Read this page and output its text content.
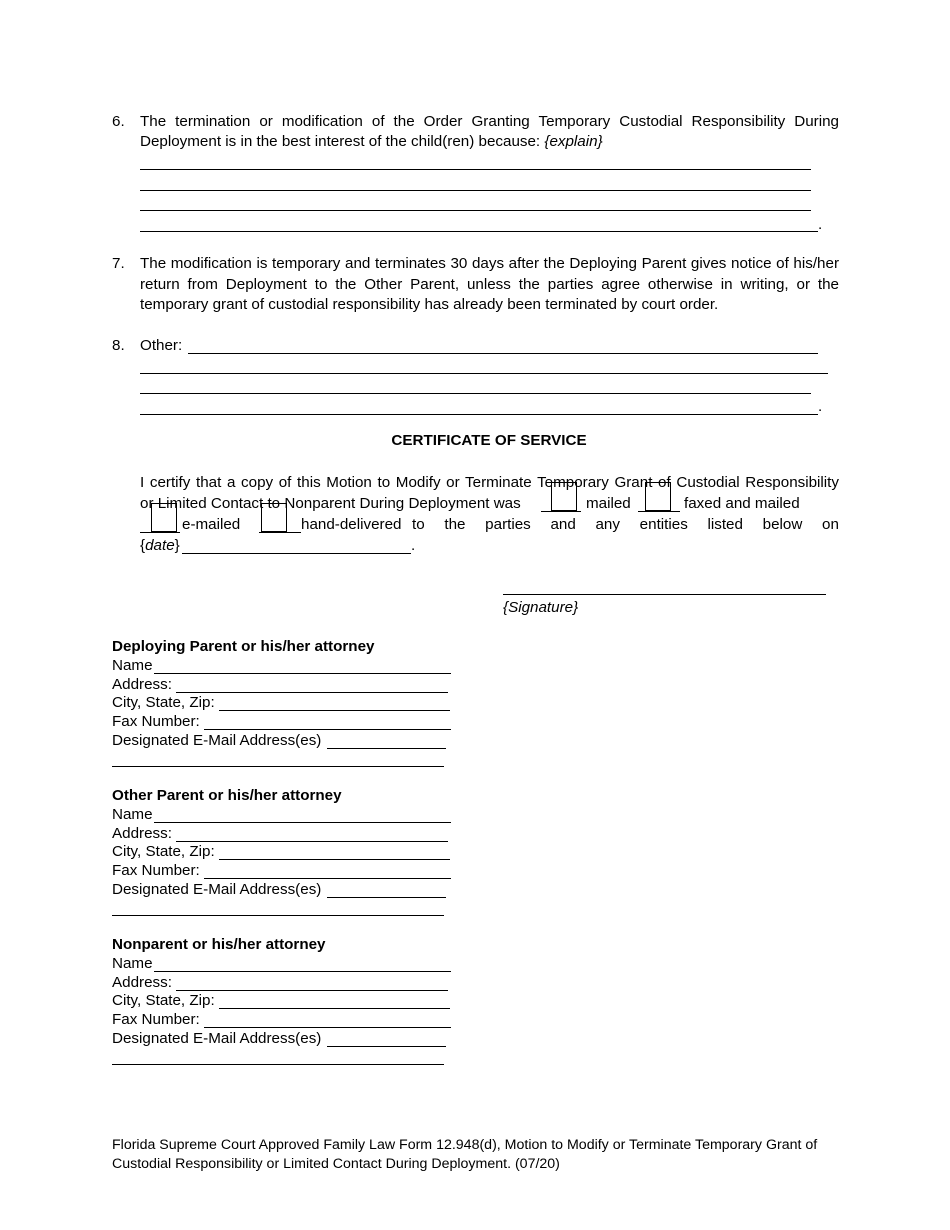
6. The termination or modification of the Order Granting Temporary Custodial Responsibility During Deployment is in the best interest of the child(ren) because: {explain}
.
7. The modification is temporary and terminates 30 days after the Deploying Parent gives notice of his/her return from Deployment to the Other Parent, unless the parties agree otherwise in writing, or the temporary grant of custodial responsibility has already been terminated by court order.
8. Other:
.
CERTIFICATE OF SERVICE
I certify that a copy of this Motion to Modify or Terminate Temporary Grant of Custodial Responsibility
or Limited Contact to Nonparent During Deployment was	mailed	faxed and mailed
e-mailed	hand-delivered to the parties and any entities listed below on
{date}	.
{Signature}
Deploying Parent or his/her attorney
Name
Address:
City, State, Zip:
Fax Number:
Designated E-Mail Address(es)
Other Parent or his/her attorney
Name
Address:
City, State, Zip:
Fax Number:
Designated E-Mail Address(es)
Nonparent or his/her attorney
Name
Address:
City, State, Zip:
Fax Number:
Designated E-Mail Address(es)
Florida Supreme Court Approved Family Law Form 12.948(d), Motion to Modify or Terminate Temporary Grant of Custodial Responsibility or Limited Contact During Deployment. (07/20)
